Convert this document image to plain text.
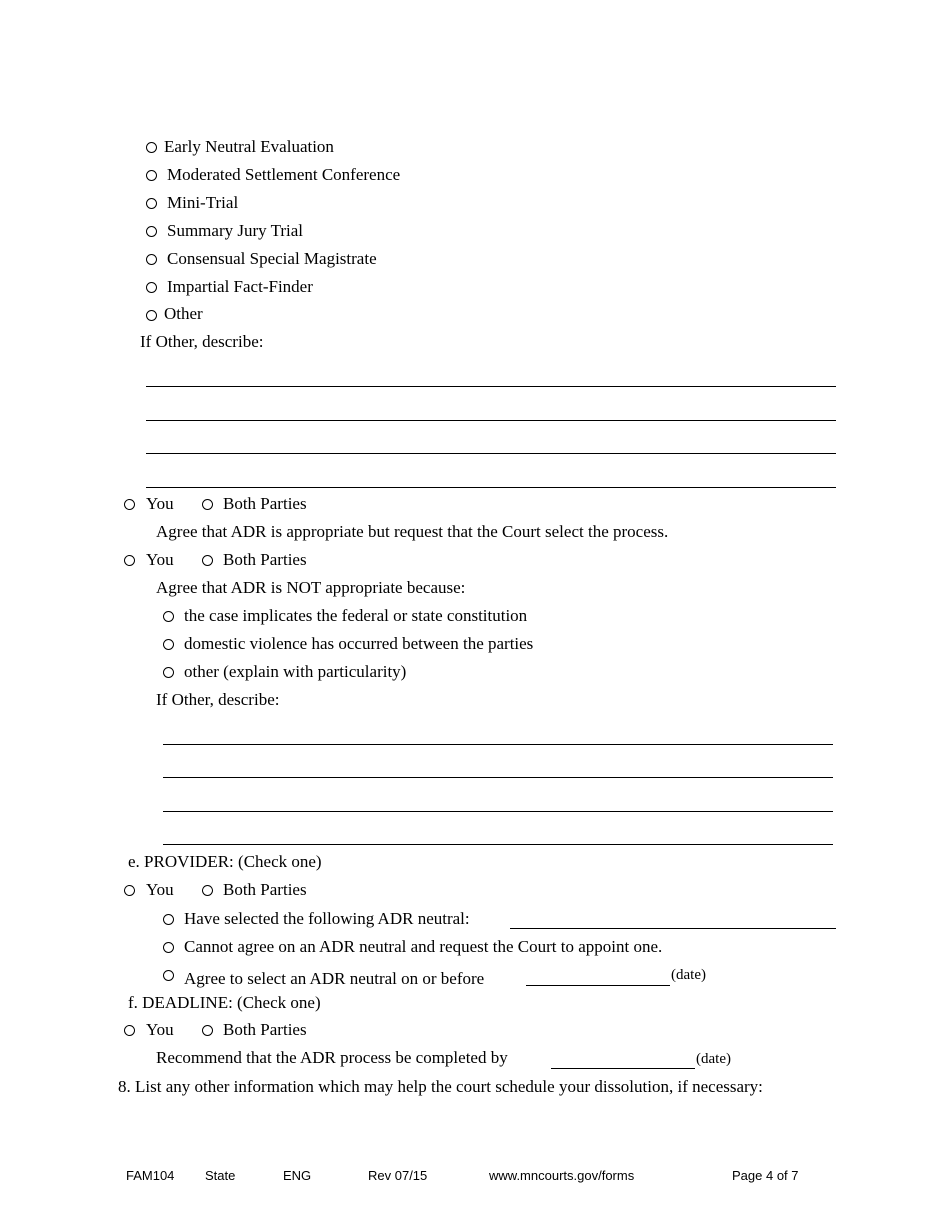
Early Neutral Evaluation
Moderated Settlement Conference
Mini-Trial
Summary Jury Trial
Consensual Special Magistrate
Impartial Fact-Finder
Other
If Other, describe:
You	Both Parties
Agree that ADR is appropriate but request that the Court select the process.
You	Both Parties
Agree that ADR is NOT appropriate because:
the case implicates the federal or state constitution
domestic violence has occurred between the parties
other (explain with particularity)
If Other, describe:
e. PROVIDER: (Check one)
You	Both Parties
Have selected the following ADR neutral:
Cannot agree on an ADR neutral and request the Court to appoint one.
Agree to select an ADR neutral on or before	(date)
f. DEADLINE: (Check one)
You	Both Parties
Recommend that the ADR process be completed by	(date)
8. List any other information which may help the court schedule your dissolution, if necessary:
FAM104 State	ENG	Rev 07/15	www.mncourts.gov/forms	Page 4 of 7
